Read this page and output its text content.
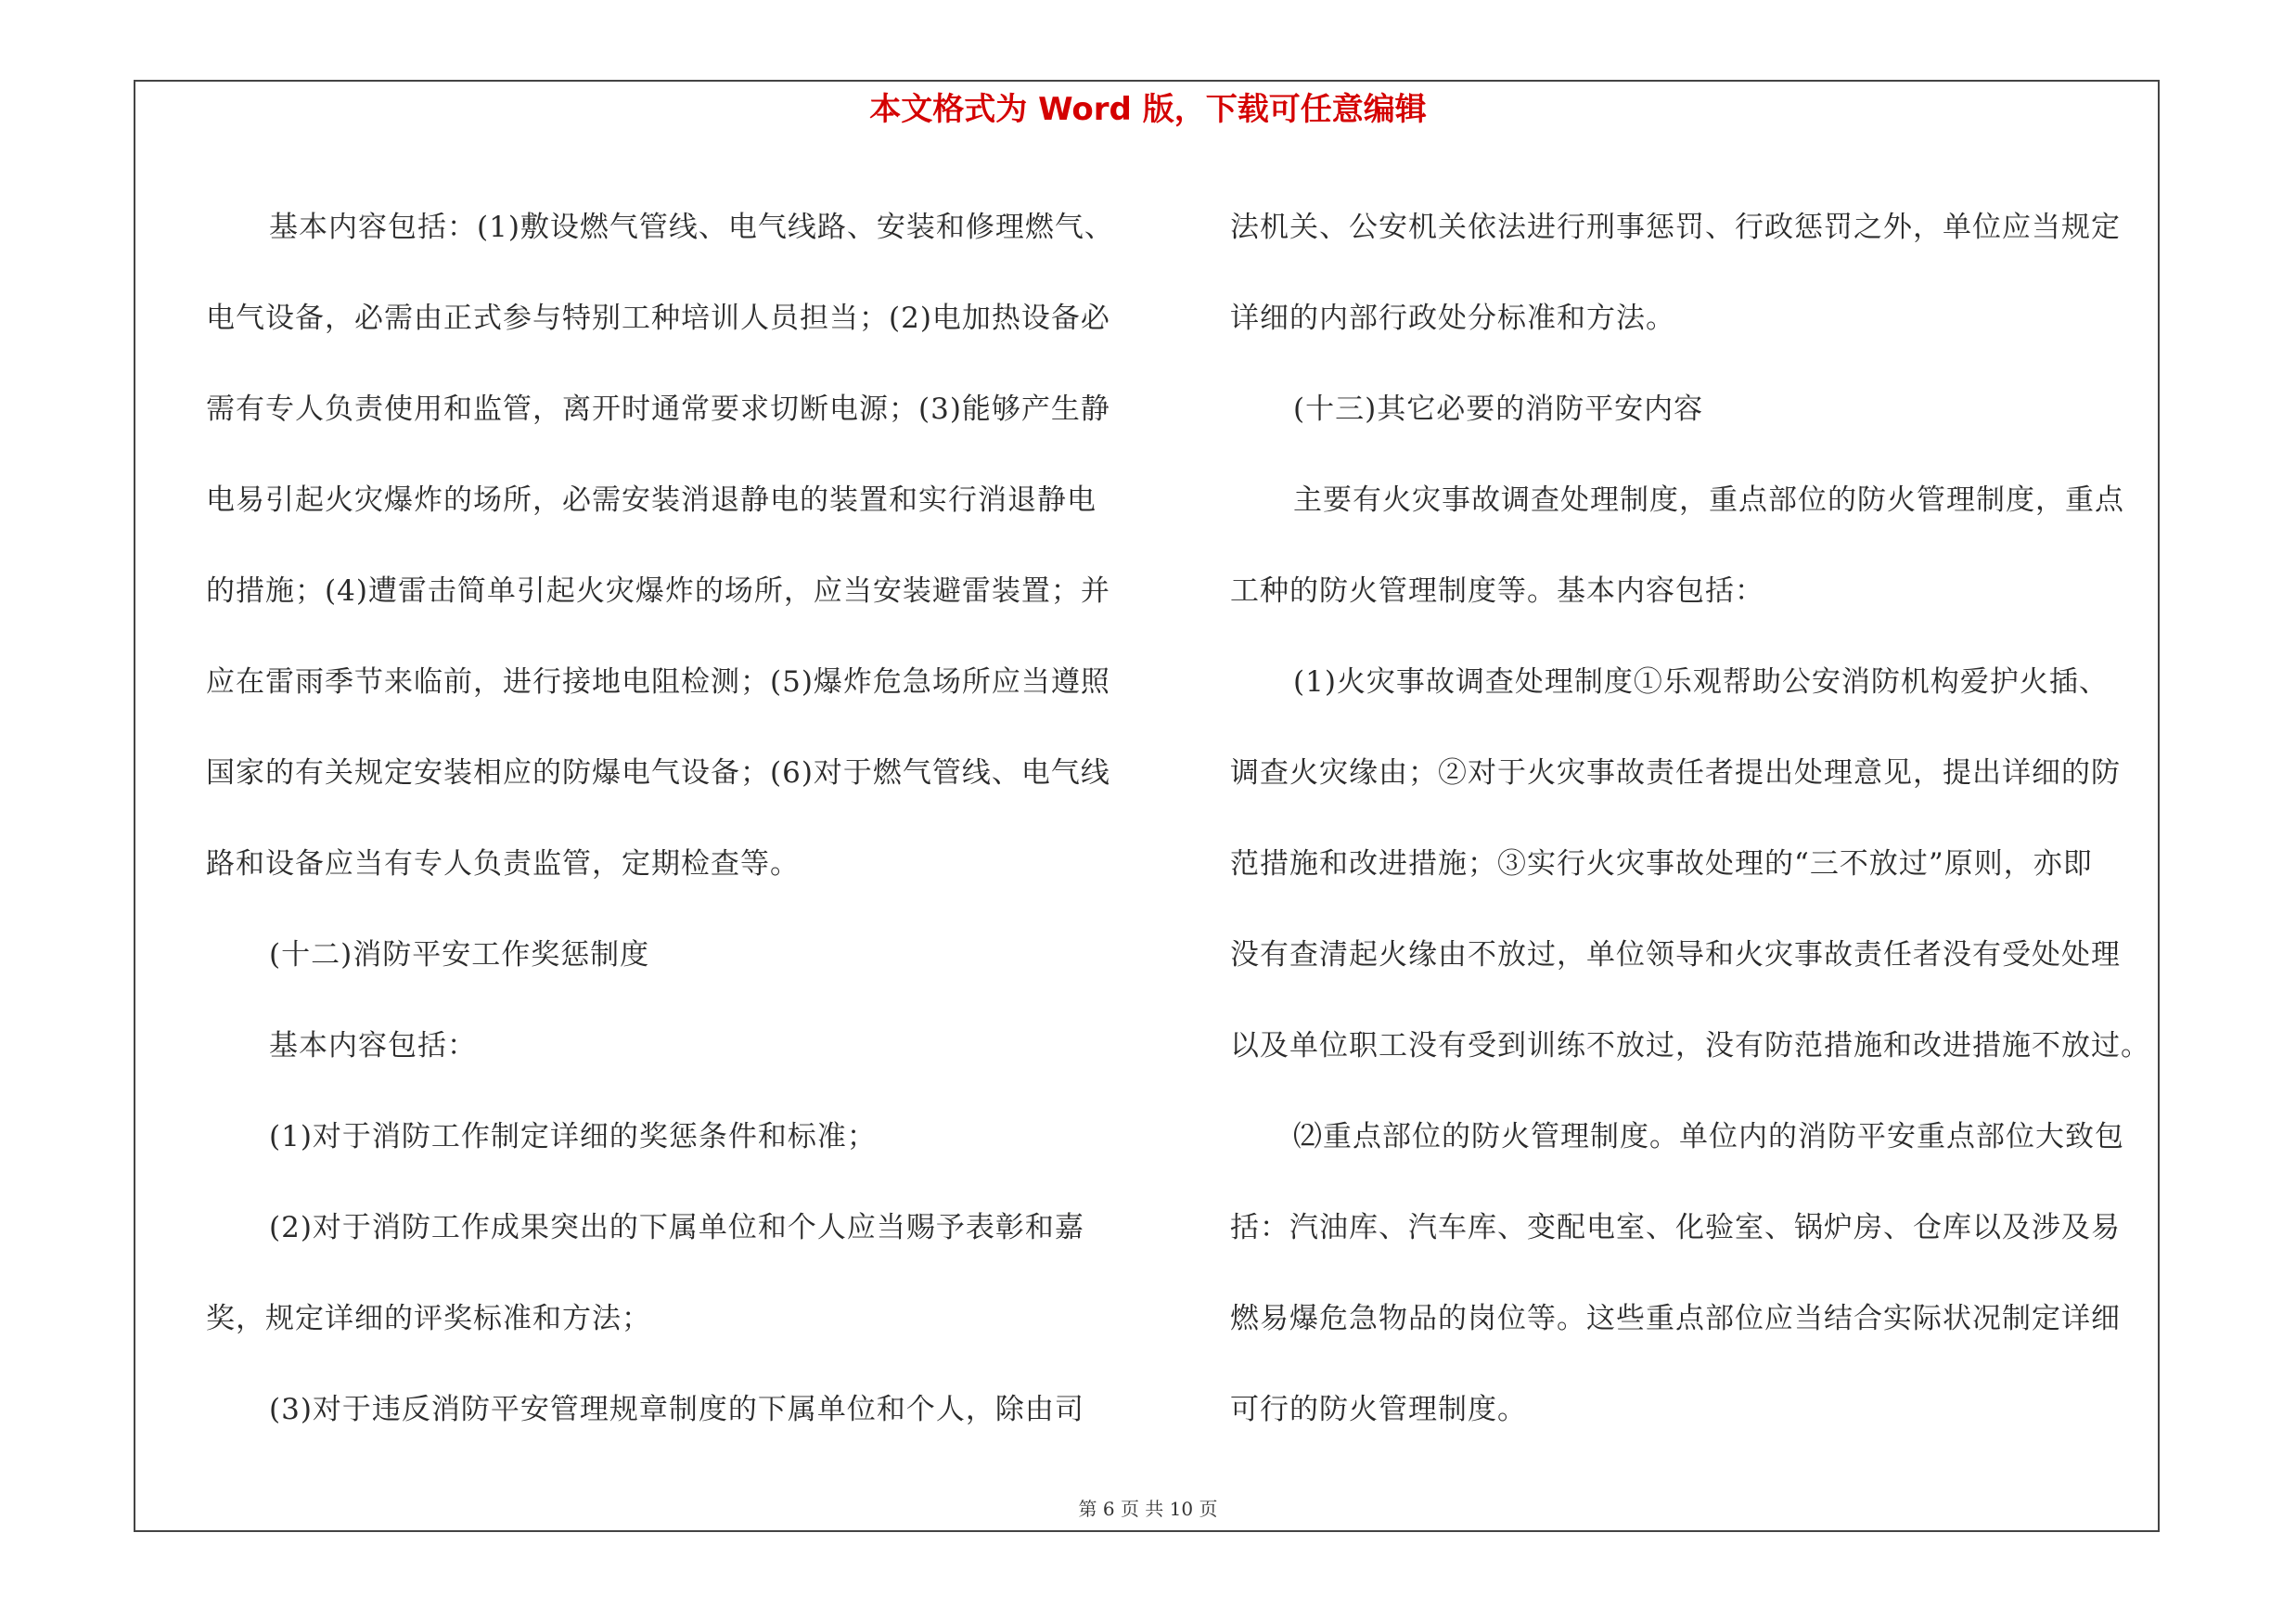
本文格式为 Word 版，下载可任意编辑

基本内容包括：(1)敷设燃气管线、电气线路、安装和修理燃气、

电气设备，必需由正式参与特别工种培训人员担当；(2)电加热设备必

需有专人负责使用和监管，离开时通常要求切断电源；(3)能够产生静

电易引起火灾爆炸的场所，必需安装消退静电的装置和实行消退静电

的措施；(4)遭雷击简单引起火灾爆炸的场所，应当安装避雷装置；并

应在雷雨季节来临前，进行接地电阻检测；(5)爆炸危急场所应当遵照

国家的有关规定安装相应的防爆电气设备；(6)对于燃气管线、电气线

路和设备应当有专人负责监管，定期检查等。

(十二)消防平安工作奖惩制度

基本内容包括：

(1)对于消防工作制定详细的奖惩条件和标准；

(2)对于消防工作成果突出的下属单位和个人应当赐予表彰和嘉

奖，规定详细的评奖标准和方法；

(3)对于违反消防平安管理规章制度的下属单位和个人，除由司

法机关、公安机关依法进行刑事惩罚、行政惩罚之外，单位应当规定

详细的内部行政处分标准和方法。

(十三)其它必要的消防平安内容

主要有火灾事故调查处理制度，重点部位的防火管理制度，重点

工种的防火管理制度等。基本内容包括：

(1)火灾事故调查处理制度①乐观帮助公安消防机构爱护火插、

调查火灾缘由；②对于火灾事故责任者提出处理意见，提出详细的防

范措施和改进措施；③实行火灾事故处理的“三不放过”原则，亦即

没有查清起火缘由不放过，单位领导和火灾事故责任者没有受处处理

以及单位职工没有受到训练不放过，没有防范措施和改进措施不放过。

⑵重点部位的防火管理制度。单位内的消防平安重点部位大致包

括：汽油库、汽车库、变配电室、化验室、锅炉房、仓库以及涉及易

燃易爆危急物品的岗位等。这些重点部位应当结合实际状况制定详细

可行的防火管理制度。

第 6 页 共 10 页
